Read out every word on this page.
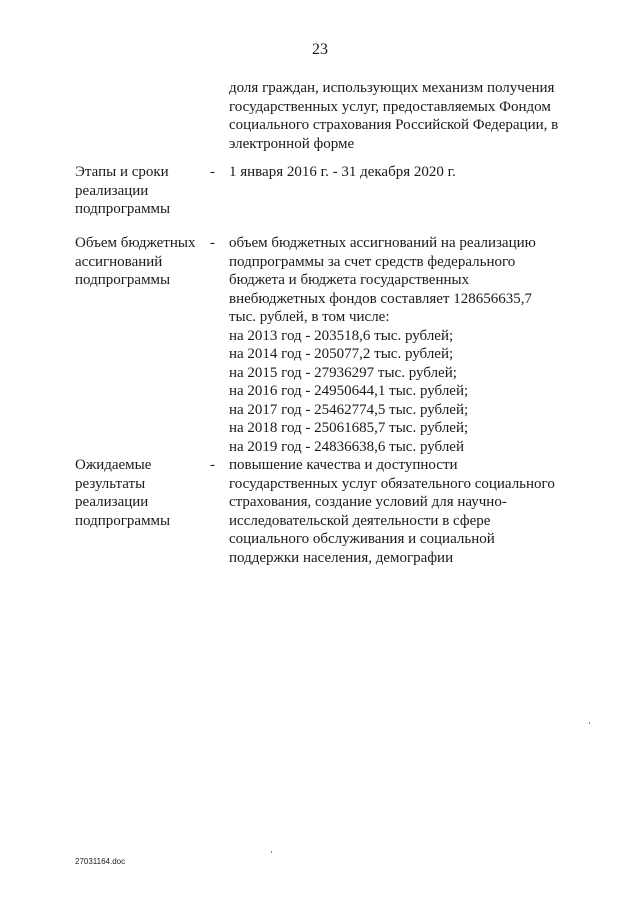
23
доля граждан, использующих механизм получения
государственных услуг, предоставляемых Фондом
социального страхования Российской Федерации, в
электронной форме
Этапы и сроки
реализации
подпрограммы
- 1 января 2016 г. - 31 декабря 2020 г.
Объем бюджетных
ассигнований
подпрограммы
- объем бюджетных ассигнований на реализацию
подпрограммы за счет средств федерального
бюджета и бюджета государственных
внебюджетных фондов составляет 128656635,7
тыс. рублей, в том числе:
на 2013 год - 203518,6 тыс. рублей;
на 2014 год - 205077,2 тыс. рублей;
на 2015 год - 27936297 тыс. рублей;
на 2016 год - 24950644,1 тыс. рублей;
на 2017 год - 25462774,5 тыс. рублей;
на 2018 год - 25061685,7 тыс. рублей;
на 2019 год - 24836638,6 тыс. рублей
Ожидаемые
результаты
реализации
подпрограммы
- повышение качества и доступности
государственных услуг обязательного социального
страхования, создание условий для научно-
исследовательской деятельности в сфере
социального обслуживания и социальной
поддержки населения, демографии
27031164.doc
